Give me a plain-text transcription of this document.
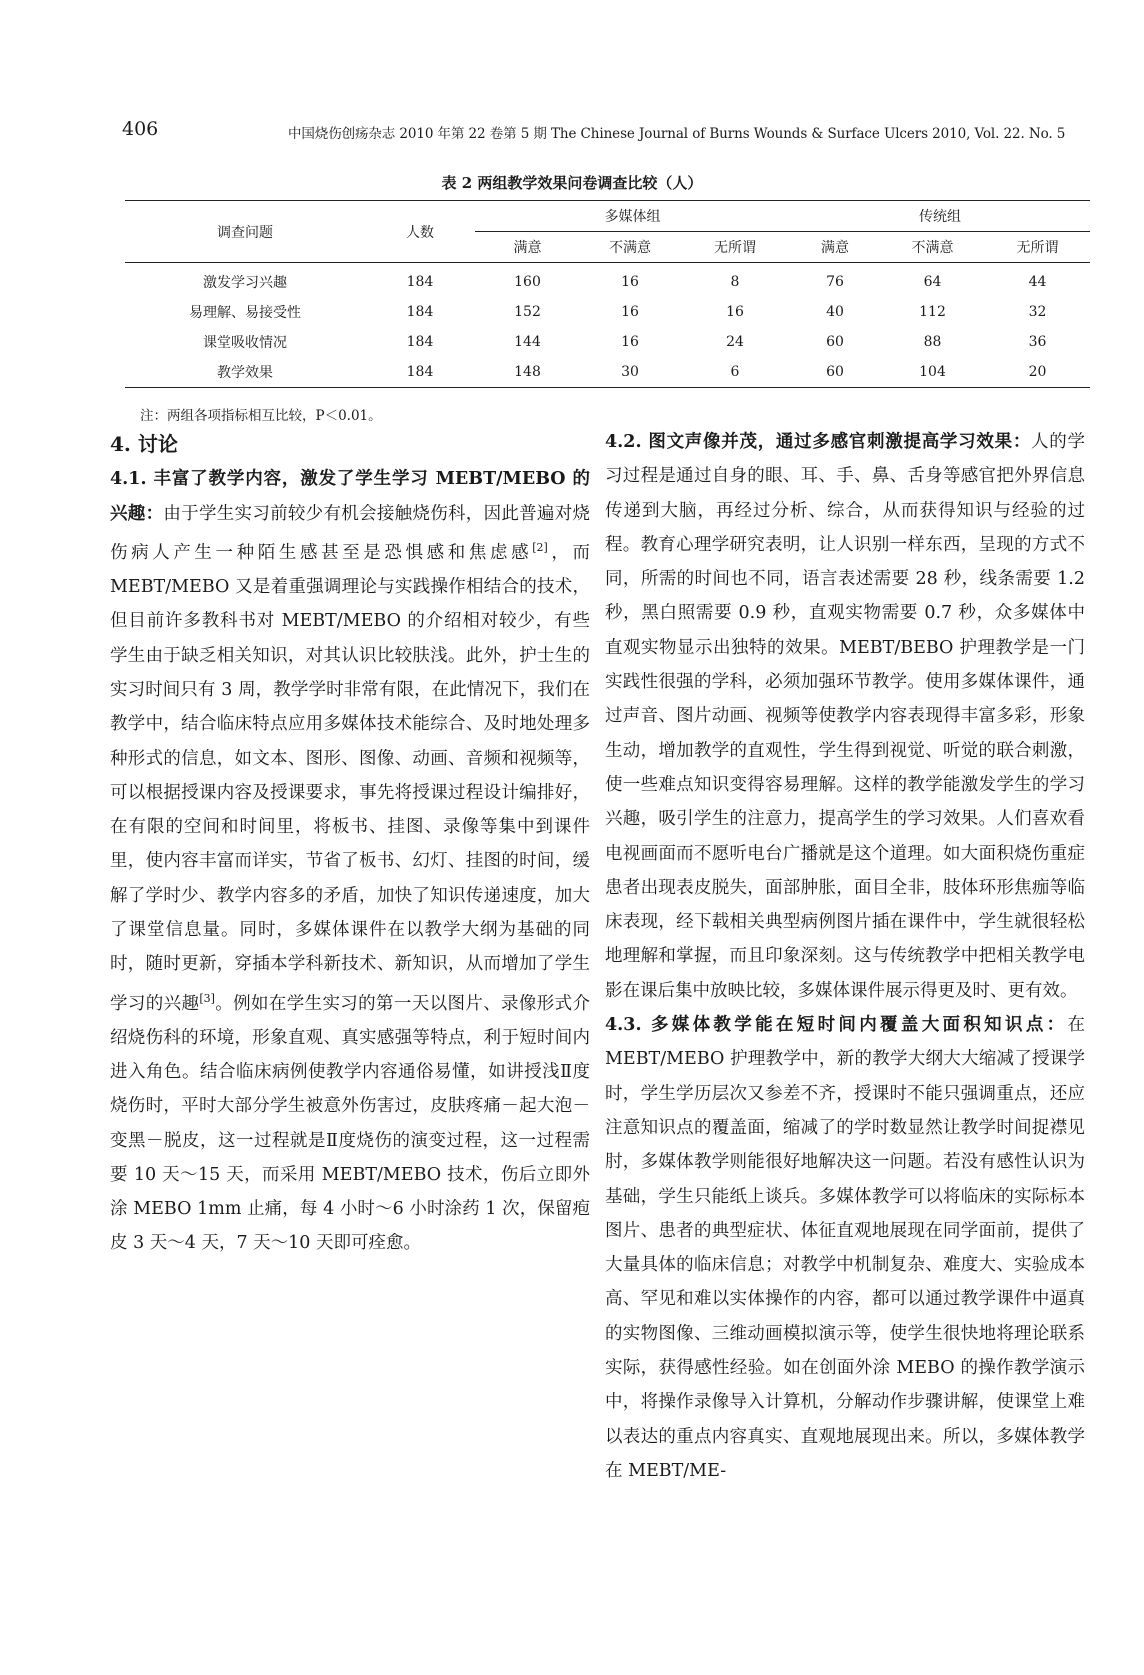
406	中国烧伤创疡杂志 2010 年第 22 卷第 5 期 The Chinese Journal of Burns Wounds & Surface Ulcers 2010, Vol. 22. No. 5
表 2 两组教学效果问卷调查比较（人）
调查问题	人数	多媒体组			传统组		
		满意	不满意	无所谓	满意	不满意	无所谓
激发学习兴趣	184	160	16	8	76	64	44
易理解、易接受性	184	152	16	16	40	112	32
课堂吸收情况	184	144	16	24	60	88	36
教学效果	184	148	30	6	60	104	20
注：两组各项指标相互比较，P＜0.01。
4. 讨论

4.1. 丰富了教学内容，激发了学生学习 MEBT/MEBO 的兴趣：由于学生实习前较少有机会接触烧伤科，因此普遍对烧伤病人产生一种陌生感甚至是恐惧感和焦虑感[2]，而 MEBT/MEBO 又是着重强调理论与实践操作相结合的技术，但目前许多教科书对 MEBT/MEBO 的介绍相对较少，有些学生由于缺乏相关知识，对其认识比较肤浅。此外，护士生的实习时间只有 3 周，教学学时非常有限，在此情况下，我们在教学中，结合临床特点应用多媒体技术能综合、及时地处理多种形式的信息，如文本、图形、图像、动画、音频和视频等，可以根据授课内容及授课要求，事先将授课过程设计编排好，在有限的空间和时间里，将板书、挂图、录像等集中到课件里，使内容丰富而详实，节省了板书、幻灯、挂图的时间，缓解了学时少、教学内容多的矛盾，加快了知识传递速度，加大了课堂信息量。同时，多媒体课件在以教学大纲为基础的同时，随时更新，穿插本学科新技术、新知识，从而增加了学生学习的兴趣[3]。例如在学生实习的第一天以图片、录像形式介绍烧伤科的环境，形象直观、真实感强等特点，利于短时间内进入角色。结合临床病例使教学内容通俗易懂，如讲授浅Ⅱ度烧伤时，平时大部分学生被意外伤害过，皮肤疼痛－起大泡－变黑－脱皮，这一过程就是Ⅱ度烧伤的演变过程，这一过程需要 10 天～15 天，而采用 MEBT/MEBO 技术，伤后立即外涂 MEBO 1mm 止痛，每 4 小时～6 小时涂药 1 次，保留疱皮 3 天～4 天，7 天～10 天即可痊愈。

4.2. 图文声像并茂，通过多感官刺激提高学习效果：人的学习过程是通过自身的眼、耳、手、鼻、舌身等感官把外界信息传递到大脑，再经过分析、综合，从而获得知识与经验的过程。教育心理学研究表明，让人识别一样东西，呈现的方式不同，所需的时间也不同，语言表述需要 28 秒，线条需要 1.2 秒，黑白照需要 0.9 秒，直观实物需要 0.7 秒，众多媒体中直观实物显示出独特的效果。MEBT/BEBO 护理教学是一门实践性很强的学科，必须加强环节教学。使用多媒体课件，通过声音、图片动画、视频等使教学内容表现得丰富多彩，形象生动，增加教学的直观性，学生得到视觉、听觉的联合刺激，使一些难点知识变得容易理解。这样的教学能激发学生的学习兴趣，吸引学生的注意力，提高学生的学习效果。人们喜欢看电视画面而不愿听电台广播就是这个道理。如大面积烧伤重症患者出现表皮脱失，面部肿胀，面目全非，肢体环形焦痂等临床表现，经下载相关典型病例图片插在课件中，学生就很轻松地理解和掌握，而且印象深刻。这与传统教学中把相关教学电影在课后集中放映比较，多媒体课件展示得更及时、更有效。

4.3. 多媒体教学能在短时间内覆盖大面积知识点：在 MEBT/MEBO 护理教学中，新的教学大纲大大缩减了授课学时，学生学历层次又参差不齐，授课时不能只强调重点，还应注意知识点的覆盖面，缩减了的学时数显然让教学时间捉襟见肘，多媒体教学则能很好地解决这一问题。若没有感性认识为基础，学生只能纸上谈兵。多媒体教学可以将临床的实际标本图片、患者的典型症状、体征直观地展现在同学面前，提供了大量具体的临床信息；对教学中机制复杂、难度大、实验成本高、罕见和难以实体操作的内容，都可以通过教学课件中逼真的实物图像、三维动画模拟演示等，使学生很快地将理论联系实际，获得感性经验。如在创面外涂 MEBO 的操作教学演示中，将操作录像导入计算机，分解动作步骤讲解，使课堂上难以表达的重点内容真实、直观地展现出来。所以，多媒体教学在 MEBT/ME-
